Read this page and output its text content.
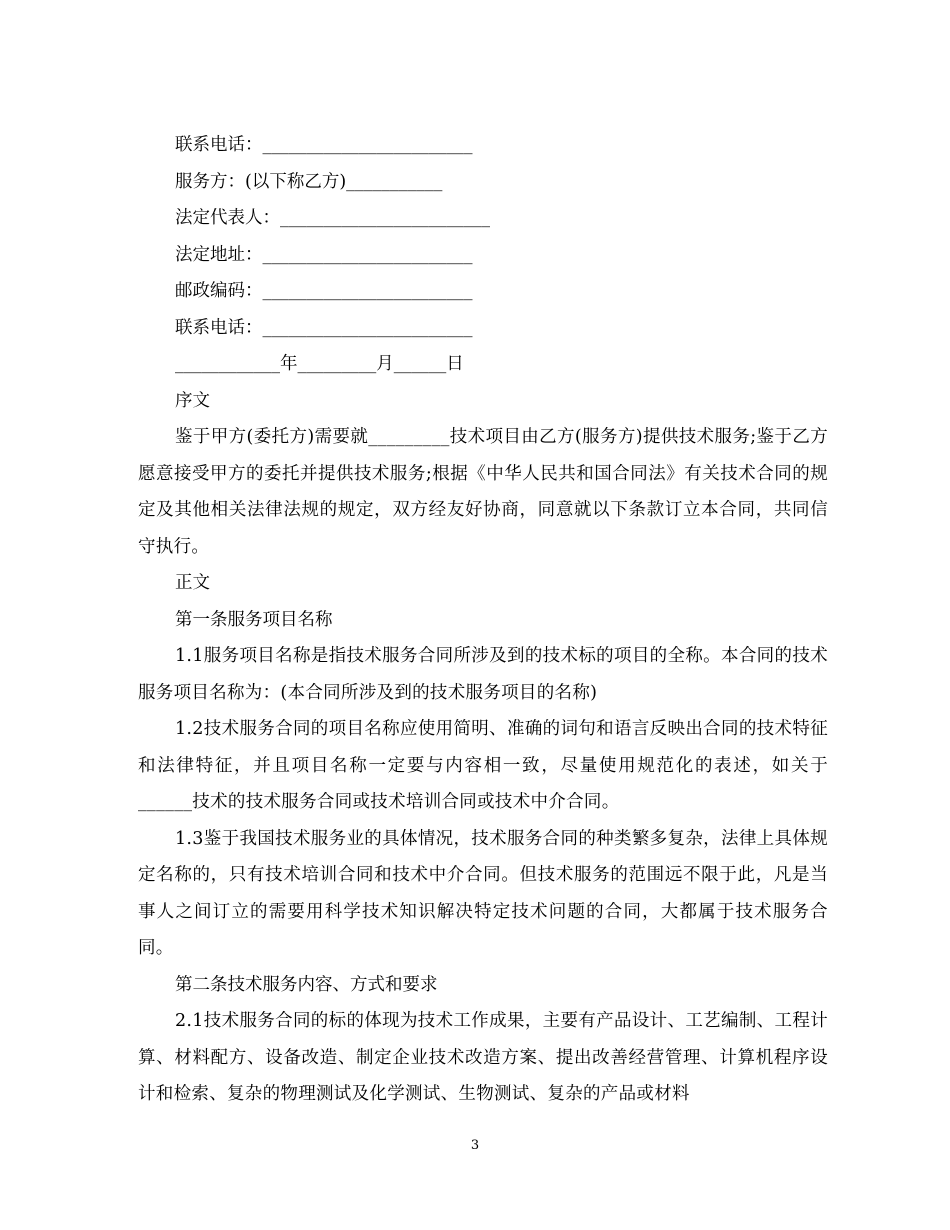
联系电话：________________________
服务方：(以下称乙方)___________
法定代表人：________________________
法定地址：________________________
邮政编码：________________________
联系电话：________________________
____________年_________月______日
序文
鉴于甲方(委托方)需要就_________技术项目由乙方(服务方)提供技术服务;鉴于乙方愿意接受甲方的委托并提供技术服务;根据《中华人民共和国合同法》有关技术合同的规定及其他相关法律法规的规定，双方经友好协商，同意就以下条款订立本合同，共同信守执行。
正文
第一条服务项目名称
1.1服务项目名称是指技术服务合同所涉及到的技术标的项目的全称。本合同的技术服务项目名称为：(本合同所涉及到的技术服务项目的名称)
1.2技术服务合同的项目名称应使用简明、准确的词句和语言反映出合同的技术特征和法律特征，并且项目名称一定要与内容相一致，尽量使用规范化的表述，如关于______技术的技术服务合同或技术培训合同或技术中介合同。
1.3鉴于我国技术服务业的具体情况，技术服务合同的种类繁多复杂，法律上具体规定名称的，只有技术培训合同和技术中介合同。但技术服务的范围远不限于此，凡是当事人之间订立的需要用科学技术知识解决特定技术问题的合同，大都属于技术服务合同。
第二条技术服务内容、方式和要求
2.1技术服务合同的标的体现为技术工作成果，主要有产品设计、工艺编制、工程计算、材料配方、设备改造、制定企业技术改造方案、提出改善经营管理、计算机程序设计和检索、复杂的物理测试及化学测试、生物测试、复杂的产品或材料
3
